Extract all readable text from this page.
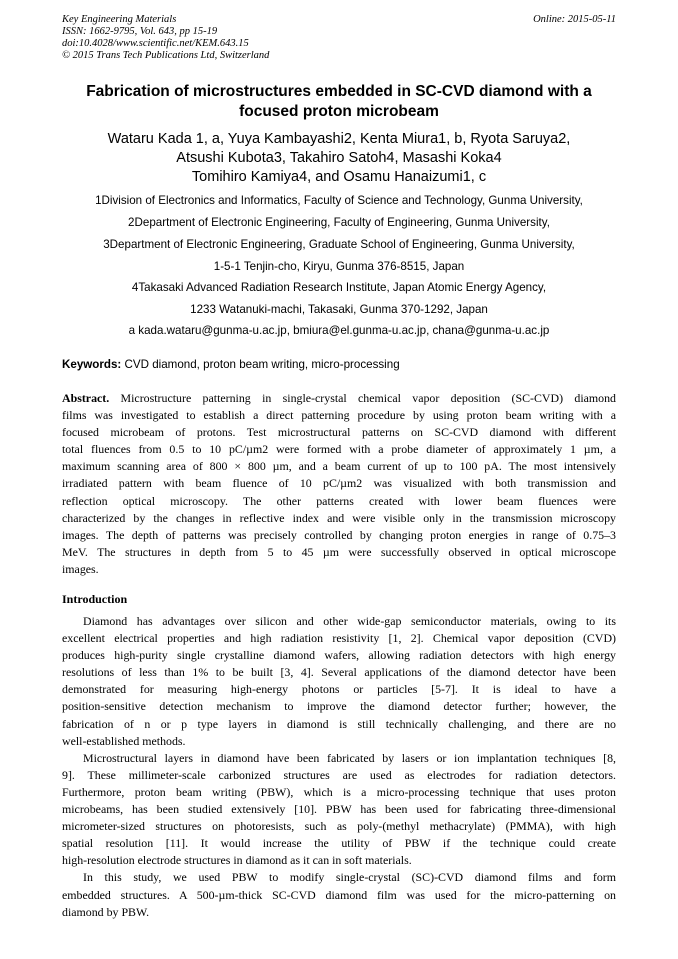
Key Engineering Materials
ISSN: 1662-9795, Vol. 643, pp 15-19
doi:10.4028/www.scientific.net/KEM.643.15
© 2015 Trans Tech Publications Ltd, Switzerland
Online: 2015-05-11
Fabrication of microstructures embedded in SC-CVD diamond with a
focused proton microbeam
Wataru Kada 1, a, Yuya Kambayashi2, Kenta Miura1, b, Ryota Saruya2,
Atsushi Kubota3, Takahiro Satoh4, Masashi Koka4
Tomihiro Kamiya4, and Osamu Hanaizumi1, c
1Division of Electronics and Informatics, Faculty of Science and Technology, Gunma University,
2Department of Electronic Engineering, Faculty of Engineering, Gunma University,
3Department of Electronic Engineering, Graduate School of Engineering, Gunma University,
1-5-1 Tenjin-cho, Kiryu, Gunma 376-8515, Japan
4Takasaki Advanced Radiation Research Institute, Japan Atomic Energy Agency,
1233 Watanuki-machi, Takasaki, Gunma 370-1292, Japan
a kada.wataru@gunma-u.ac.jp, bmiura@el.gunma-u.ac.jp, chana@gunma-u.ac.jp
Keywords: CVD diamond, proton beam writing, micro-processing
Abstract. Microstructure patterning in single-crystal chemical vapor deposition (SC-CVD) diamond
films was investigated to establish a direct patterning procedure by using proton beam writing with a
focused microbeam of protons. Test microstructural patterns on SC-CVD diamond with different
total fluences from 0.5 to 10 pC/µm2 were formed with a probe diameter of approximately 1 µm, a
maximum scanning area of 800 × 800 µm, and a beam current of up to 100 pA. The most intensively
irradiated pattern with beam fluence of 10 pC/µm2 was visualized with both transmission and
reflection optical microscopy. The other patterns created with lower beam fluences were
characterized by the changes in reflective index and were visible only in the transmission microscopy
images. The depth of patterns was precisely controlled by changing proton energies in range of 0.75–3
MeV. The structures in depth from 5 to 45 µm were successfully observed in optical microscope
images.
Introduction
Diamond has advantages over silicon and other wide-gap semiconductor materials, owing to its
excellent electrical properties and high radiation resistivity [1, 2]. Chemical vapor deposition (CVD)
produces high-purity single crystalline diamond wafers, allowing radiation detectors with high energy
resolutions of less than 1% to be built [3, 4]. Several applications of the diamond detector have been
demonstrated for measuring high-energy photons or particles [5-7]. It is ideal to have a
position-sensitive detection mechanism to improve the diamond detector further; however, the
fabrication of n or p type layers in diamond is still technically challenging, and there are no
well-established methods.
Microstructural layers in diamond have been fabricated by lasers or ion implantation techniques [8,
9]. These millimeter-scale carbonized structures are used as electrodes for radiation detectors.
Furthermore, proton beam writing (PBW), which is a micro-processing technique that uses proton
microbeams, has been studied extensively [10]. PBW has been used for fabricating three-dimensional
micrometer-sized structures on photoresists, such as poly-(methyl methacrylate) (PMMA), with high
spatial resolution [11]. It would increase the utility of PBW if the technique could create
high-resolution electrode structures in diamond as it can in soft materials.
In this study, we used PBW to modify single-crystal (SC)-CVD diamond films and form
embedded structures. A 500-µm-thick SC-CVD diamond film was used for the micro-patterning on
diamond by PBW.
